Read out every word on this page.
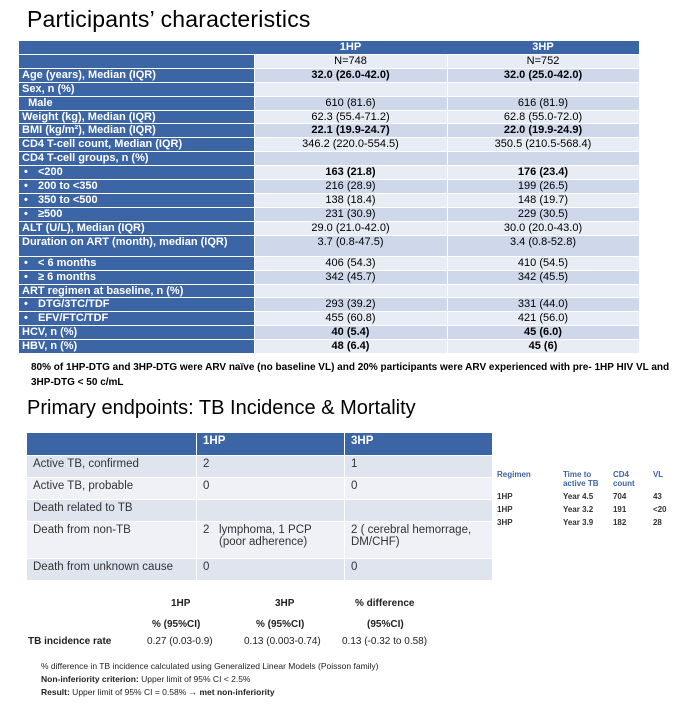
Participants’ characteristics
	1HP	3HP
	N=748	N=752
Age (years), Median (IQR)	32.0 (26.0-42.0)	32.0 (25.0-42.0)
Sex, n (%)		
Male	610 (81.6)	616 (81.9)
Weight (kg), Median (IQR)	62.3 (55.4-71.2)	62.8 (55.0-72.0)
BMI (kg/m²), Median (IQR)	22.1 (19.9-24.7)	22.0 (19.9-24.9)
CD4 T-cell count, Median (IQR)	346.2 (220.0-554.5)	350.5 (210.5-568.4)
CD4 T-cell groups, n (%)		
• <200	163 (21.8)	176 (23.4)
• 200 to <350	216 (28.9)	199 (26.5)
• 350 to <500	138 (18.4)	148 (19.7)
• ≥500	231 (30.9)	229 (30.5)
ALT (U/L), Median (IQR)	29.0 (21.0-42.0)	30.0 (20.0-43.0)
Duration on ART (month), median (IQR)	3.7 (0.8-47.5)	3.4 (0.8-52.8)
• < 6 months	406 (54.3)	410 (54.5)
• ≥ 6 months	342 (45.7)	342 (45.5)
ART regimen at baseline, n (%)		
• DTG/3TC/TDF	293 (39.2)	331 (44.0)
• EFV/FTC/TDF	455 (60.8)	421 (56.0)
HCV, n (%)	40 (5.4)	45 (6.0)
HBV, n (%)	48 (6.4)	45 (6)
80% of 1HP-DTG and 3HP-DTG were ARV naïve (no baseline VL) and 20% participants were ARV experienced with pre- 1HP HIV VL and 3HP-DTG < 50 c/mL
Primary endpoints: TB Incidence & Mortality
	1HP	3HP
Active TB, confirmed	2	1
Active TB, probable	0	0
Death related to TB	

Death from non-TB	2 lymphoma, 1 PCP (poor adherence)	2 ( cerebral hemorrage, DM/CHF)
Death from unknown cause	0	0
Regimen	Time to active TB	CD4 count	VL
1HP	Year 4.5	704	43
1HP	Year 3.2	191	<20
3HP	Year 3.9	182	28
1HP	3HP	% difference
% (95%CI)	% (95%CI)	(95%CI)
TB incidence rate	0.27 (0.03-0.9)	0.13 (0.003-0.74) 0.13 (-0.32 to 0.58)
% difference in TB incidence calculated using Generalized Linear Models (Poisson family)
Non-inferiority criterion: Upper limit of 95% CI < 2.5%
Result: Upper limit of 95% CI = 0.58% → met non-inferiority
